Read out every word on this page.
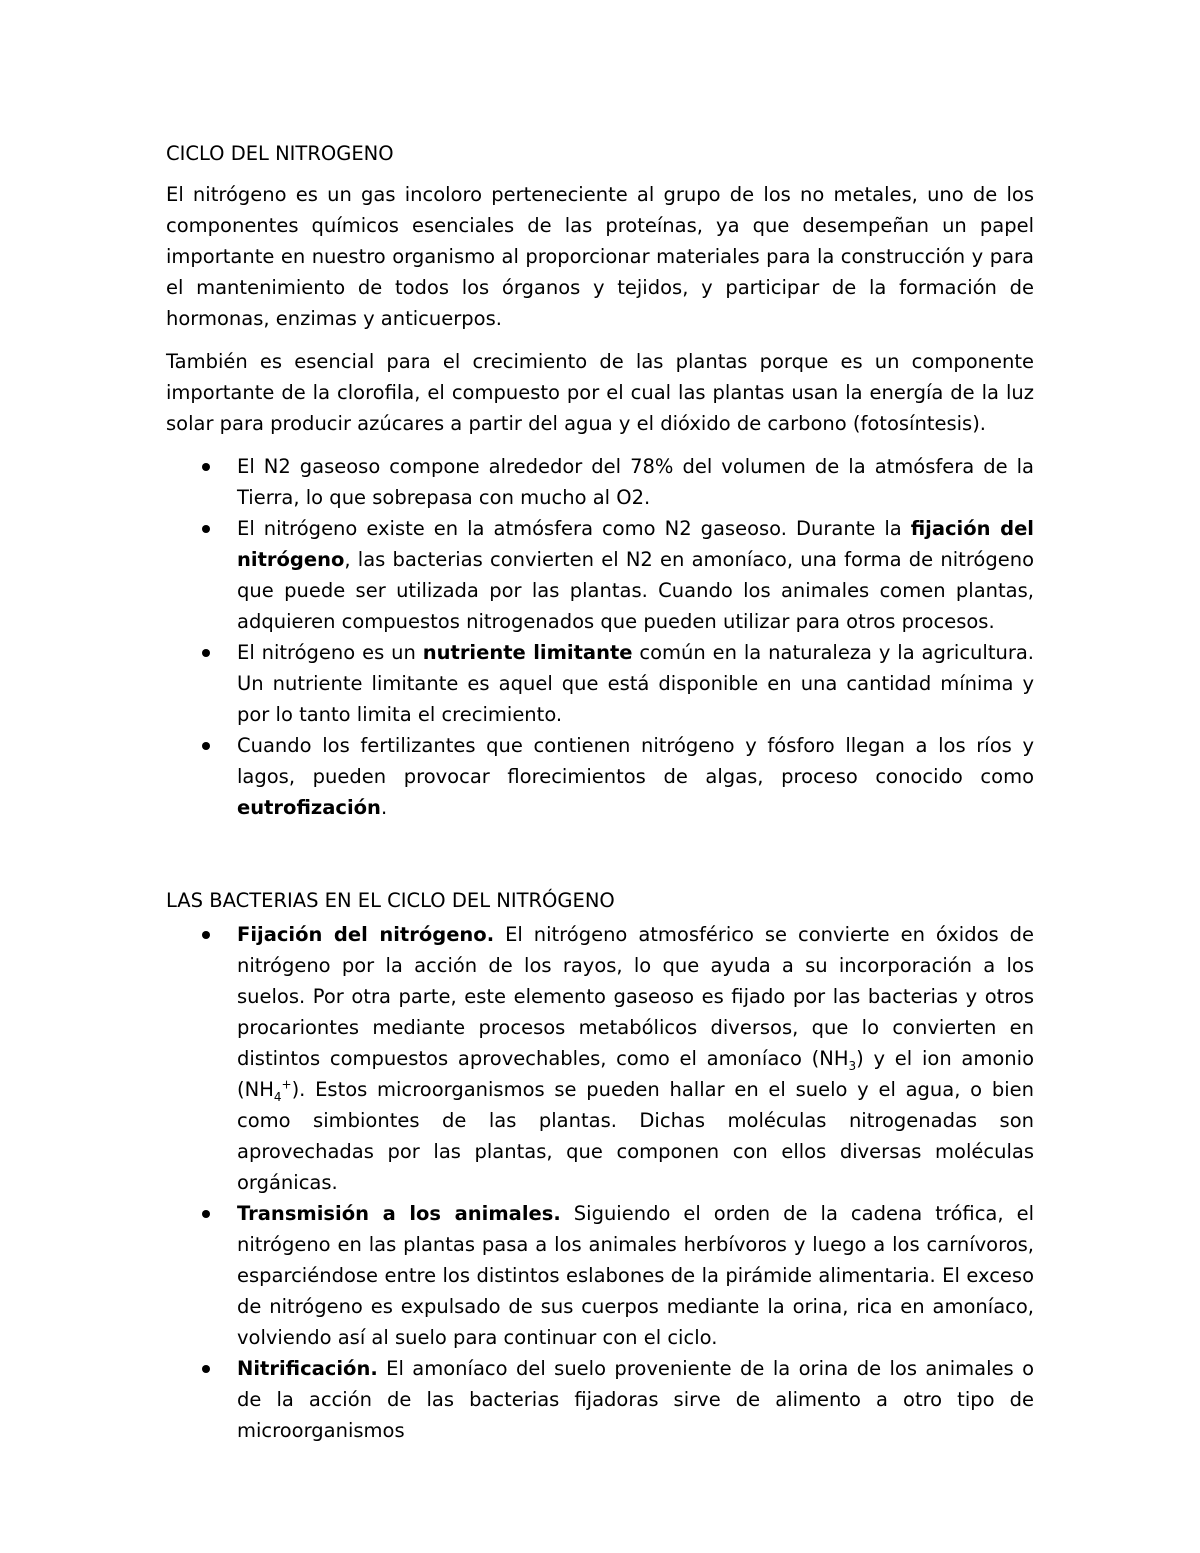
CICLO DEL NITROGENO

El nitrógeno es un gas incoloro perteneciente al grupo de los no metales, uno de los componentes químicos esenciales de las proteínas, ya que desempeñan un papel importante en nuestro organismo al proporcionar materiales para la construcción y para el mantenimiento de todos los órganos y tejidos, y participar de la formación de hormonas, enzimas y anticuerpos.

También es esencial para el crecimiento de las plantas porque es un componente importante de la clorofila, el compuesto por el cual las plantas usan la energía de la luz solar para producir azúcares a partir del agua y el dióxido de carbono (fotosíntesis).

El N2 gaseoso compone alrededor del 78% del volumen de la atmósfera de la Tierra, lo que sobrepasa con mucho al O2.
El nitrógeno existe en la atmósfera como N2 gaseoso. Durante la fijación del nitrógeno, las bacterias convierten el N2 en amoníaco, una forma de nitrógeno que puede ser utilizada por las plantas. Cuando los animales comen plantas, adquieren compuestos nitrogenados que pueden utilizar para otros procesos.
El nitrógeno es un nutriente limitante común en la naturaleza y la agricultura. Un nutriente limitante es aquel que está disponible en una cantidad mínima y por lo tanto limita el crecimiento.
Cuando los fertilizantes que contienen nitrógeno y fósforo llegan a los ríos y lagos, pueden provocar florecimientos de algas, proceso conocido como eutrofización.

LAS BACTERIAS EN EL CICLO DEL NITRÓGENO

Fijación del nitrógeno. El nitrógeno atmosférico se convierte en óxidos de nitrógeno por la acción de los rayos, lo que ayuda a su incorporación a los suelos. Por otra parte, este elemento gaseoso es fijado por las bacterias y otros procariontes mediante procesos metabólicos diversos, que lo convierten en distintos compuestos aprovechables, como el amoníaco $(NH_3)$ y el ion amonio $(NH_4^+)$. Estos microorganismos se pueden hallar en el suelo y el agua, o bien como simbiontes de las plantas. Dichas moléculas nitrogenadas son aprovechadas por las plantas, que componen con ellos diversas moléculas orgánicas.
Transmisión a los animales. Siguiendo el orden de la cadena trófica, el nitrógeno en las plantas pasa a los animales herbívoros y luego a los carnívoros, esparciéndose entre los distintos eslabones de la pirámide alimentaria. El exceso de nitrógeno es expulsado de sus cuerpos mediante la orina, rica en amoníaco, volviendo así al suelo para continuar con el ciclo.
Nitrificación. El amoníaco del suelo proveniente de la orina de los animales o de la acción de las bacterias fijadoras sirve de alimento a otro tipo de microorganismos
